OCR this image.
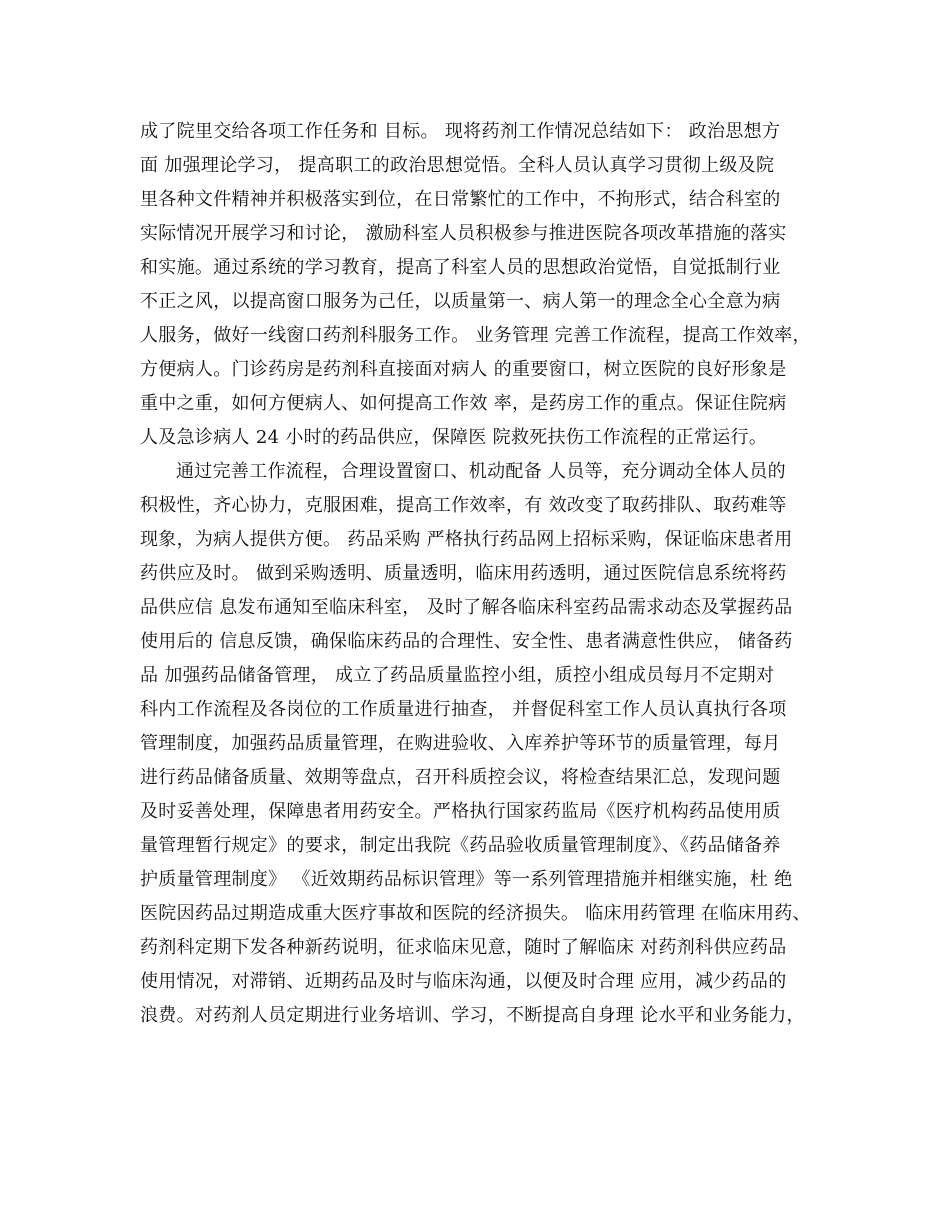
成了院里交给各项工作任务和 目标。 现将药剂工作情况总结如下： 政治思想方
面 加强理论学习， 提高职工的政治思想觉悟。全科人员认真学习贯彻上级及院
里各种文件精神并积极落实到位，在日常繁忙的工作中，不拘形式，结合科室的
实际情况开展学习和讨论， 激励科室人员积极参与推进医院各项改革措施的落实
和实施。通过系统的学习教育，提高了科室人员的思想政治觉悟，自觉抵制行业
不正之风，以提高窗口服务为己任，以质量第一、病人第一的理念全心全意为病
人服务，做好一线窗口药剂科服务工作。 业务管理 完善工作流程，提高工作效率，
方便病人。门诊药房是药剂科直接面对病人 的重要窗口，树立医院的良好形象是
重中之重，如何方便病人、如何提高工作效 率，是药房工作的重点。保证住院病
人及急诊病人 24 小时的药品供应，保障医 院救死扶伤工作流程的正常运行。

通过完善工作流程，合理设置窗口、机动配备 人员等，充分调动全体人员的
积极性，齐心协力，克服困难，提高工作效率，有 效改变了取药排队、取药难等
现象，为病人提供方便。 药品采购 严格执行药品网上招标采购，保证临床患者用
药供应及时。 做到采购透明、质量透明，临床用药透明，通过医院信息系统将药
品供应信 息发布通知至临床科室， 及时了解各临床科室药品需求动态及掌握药品
使用后的 信息反馈，确保临床药品的合理性、安全性、患者满意性供应， 储备药
品 加强药品储备管理， 成立了药品质量监控小组，质控小组成员每月不定期对
科内工作流程及各岗位的工作质量进行抽查， 并督促科室工作人员认真执行各项
管理制度，加强药品质量管理，在购进验收、入库养护等环节的质量管理，每月
进行药品储备质量、效期等盘点，召开科质控会议，将检查结果汇总，发现问题
及时妥善处理，保障患者用药安全。严格执行国家药监局《医疗机构药品使用质
量管理暂行规定》的要求，制定出我院《药品验收质量管理制度》、《药品储备养
护质量管理制度》 《近效期药品标识管理》等一系列管理措施并相继实施，杜 绝
医院因药品过期造成重大医疗事故和医院的经济损失。 临床用药管理 在临床用药、
药剂科定期下发各种新药说明，征求临床见意，随时了解临床 对药剂科供应药品
使用情况，对滞销、近期药品及时与临床沟通，以便及时合理 应用，减少药品的
浪费。对药剂人员定期进行业务培训、学习，不断提高自身理 论水平和业务能力，
